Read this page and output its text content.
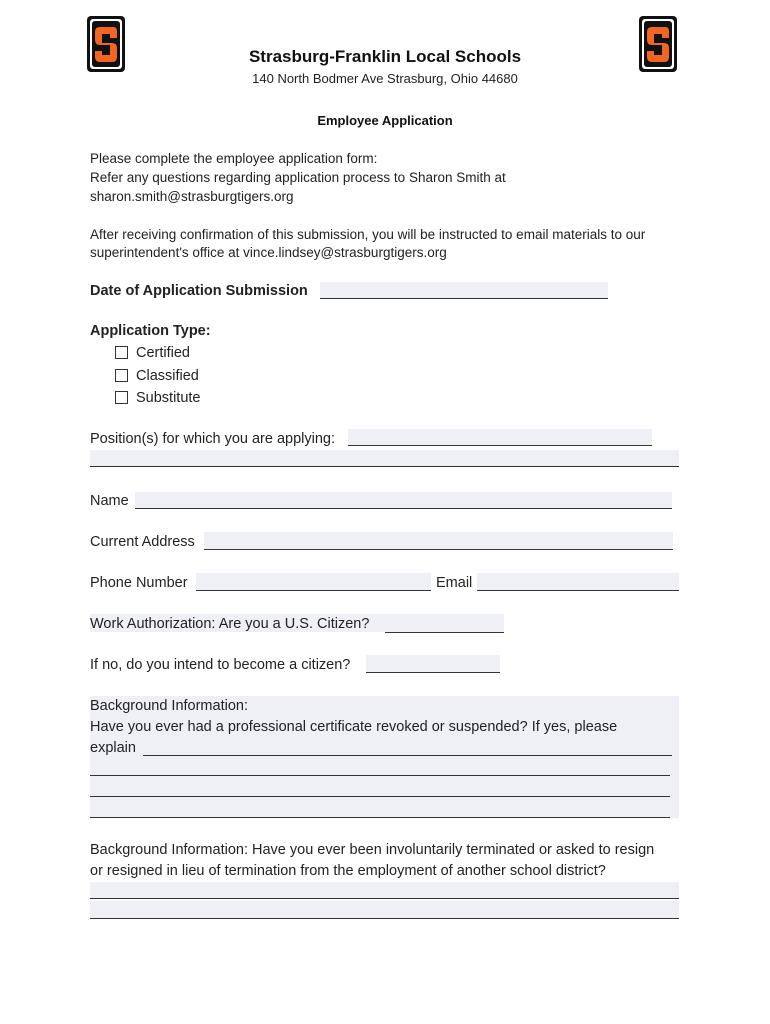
Strasburg-Franklin Local Schools
140 North Bodmer Ave Strasburg, Ohio 44680
Employee Application
Please complete the employee application form:
Refer any questions regarding application process to Sharon Smith at
sharon.smith@strasburgtigers.org
After receiving confirmation of this submission, you will be instructed to email materials to our
superintendent's office at vince.lindsey@strasburgtigers.org
Date of Application Submission
Application Type:
Certified
Classified
Substitute
Position(s) for which you are applying:
Name
Current Address
Phone Number	Email
Work Authorization: Are you a U.S. Citizen?
If no, do you intend to become a citizen?
Background Information:
Have you ever had a professional certificate revoked or suspended? If yes, please
explain
Background Information: Have you ever been involuntarily terminated or asked to resign
or resigned in lieu of termination from the employment of another school district?
